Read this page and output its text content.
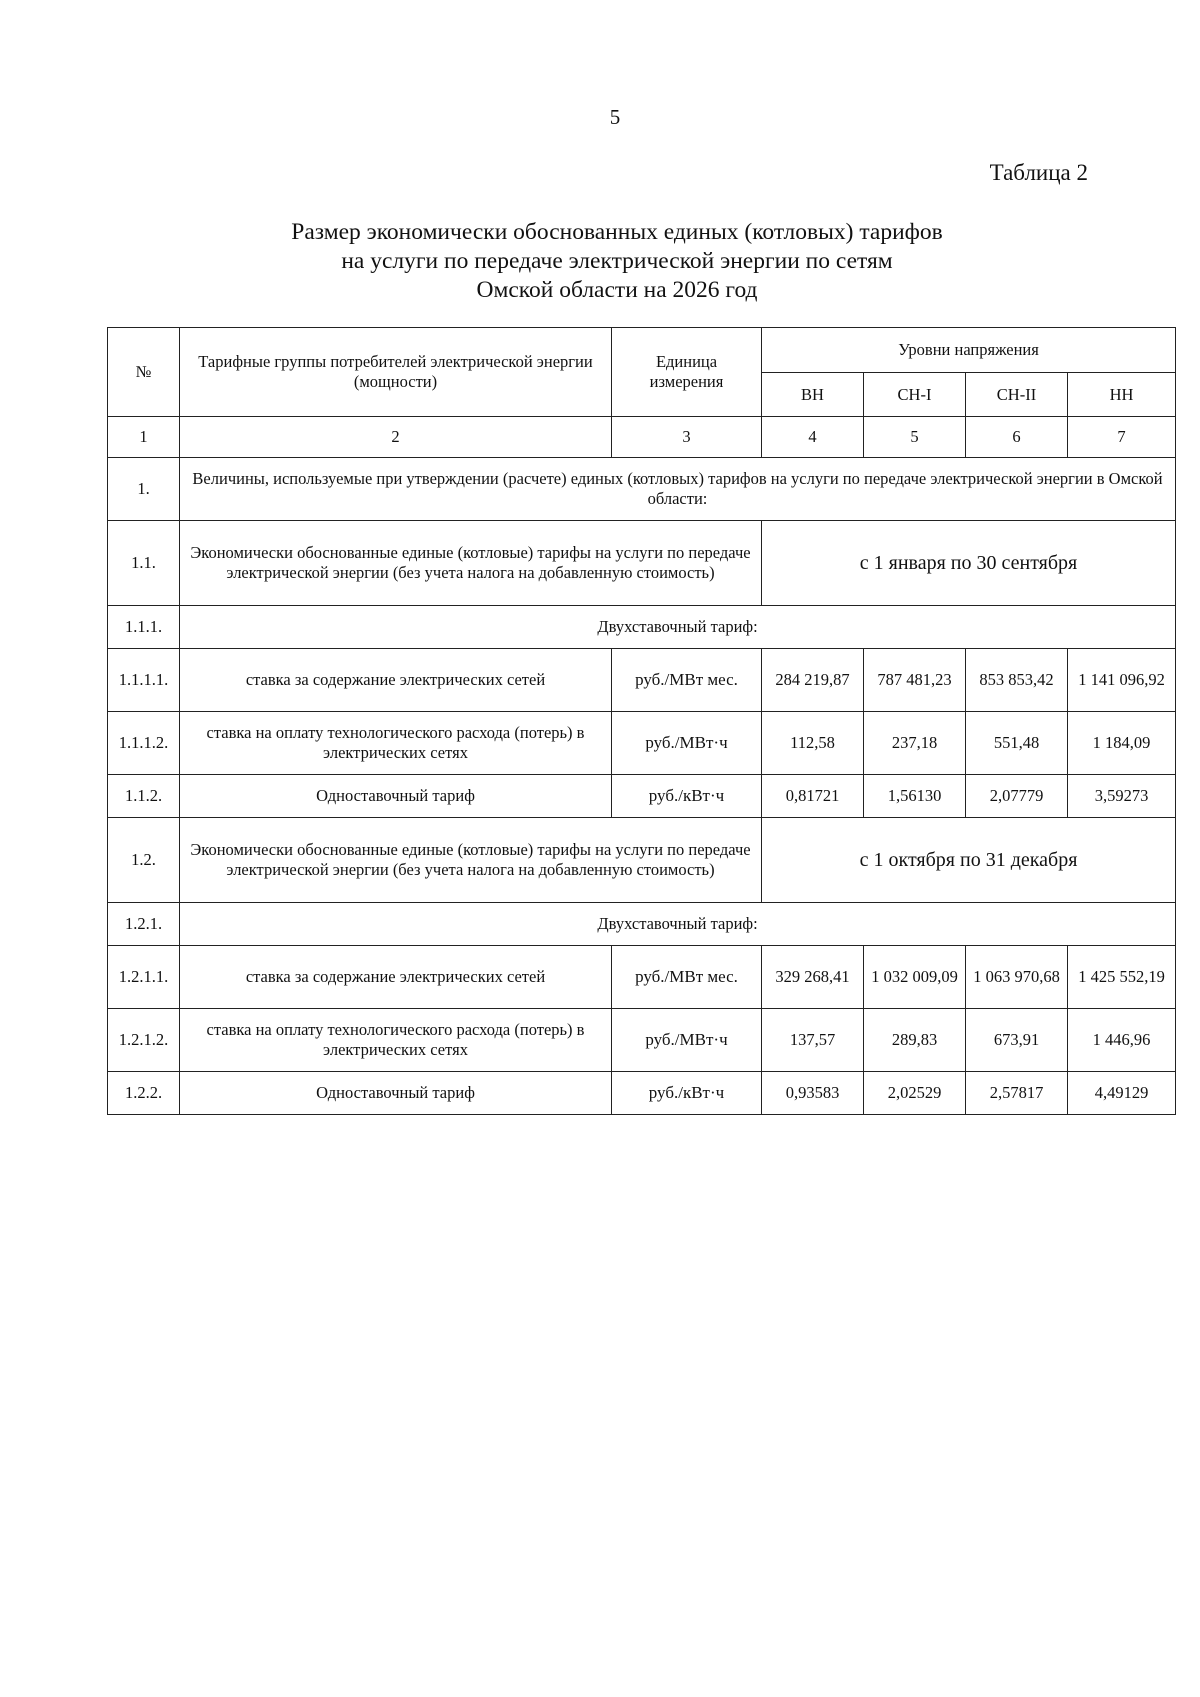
5
Таблица 2
Размер экономически обоснованных единых (котловых) тарифов
на услуги по передаче электрической энергии по сетям
Омской области на 2026 год
№	Тарифные группы потребителей электрической энергии (мощности)	Единица измерения	Уровни напряжения			
			ВН	СН-I	СН-II	НН
1	2	3	4	5	6	7
1.	Величины, используемые при утверждении (расчете) единых (котловых) тарифов на услуги по передаче электрической энергии в Омской области:					
1.1.	Экономически обоснованные единые (котловые) тарифы на услуги по передаче электрической энергии (без учета налога на добавленную стоимость)		с 1 января по 30 сентября			
1.1.1.	Двухставочный тариф:					
1.1.1.1.	ставка за содержание электрических сетей	руб./МВт мес.	284 219,87	787 481,23	853 853,42	1 141 096,92
1.1.1.2.	ставка на оплату технологического расхода (потерь) в электрических сетях	руб./МВт·ч	112,58	237,18	551,48	1 184,09
1.1.2.	Одноставочный тариф	руб./кВт·ч	0,81721	1,56130	2,07779	3,59273
1.2.	Экономически обоснованные единые (котловые) тарифы на услуги по передаче электрической энергии (без учета налога на добавленную стоимость)		с 1 октября по 31 декабря			
1.2.1.	Двухставочный тариф:					
1.2.1.1.	ставка за содержание электрических сетей	руб./МВт мес.	329 268,41	1 032 009,09	1 063 970,68	1 425 552,19
1.2.1.2.	ставка на оплату технологического расхода (потерь) в электрических сетях	руб./МВт·ч	137,57	289,83	673,91	1 446,96
1.2.2.	Одноставочный тариф	руб./кВт·ч	0,93583	2,02529	2,57817	4,49129
